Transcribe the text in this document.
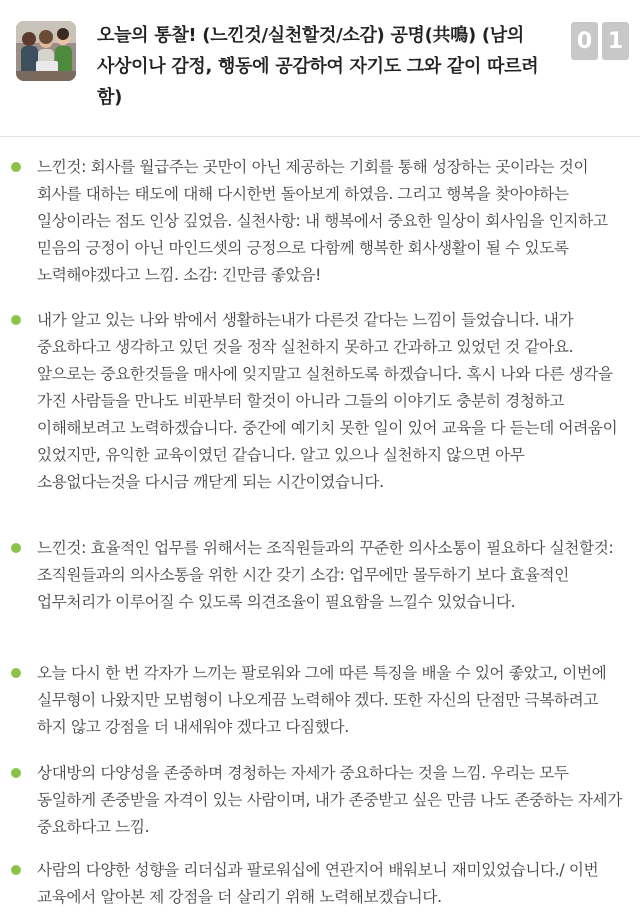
오늘의 통찰! (느낀것/실천할것/소감) 공명(共鳴) (남의 사상이나 감정, 행동에 공감하여 자기도 그와 같이 따르려 함)
0 1
느낀것: 회사를 월급주는 곳만이 아닌 제공하는 기회를 통해 성장하는 곳이라는 것이 회사를 대하는 태도에 대해 다시한번 돌아보게 하였음. 그리고 행복을 찾아야하는 일상이라는 점도 인상 깊었음. 실천사항: 내 행복에서 중요한 일상이 회사임을 인지하고 믿음의 긍정이 아닌 마인드셋의 긍정으로 다함께 행복한 회사생활이 될 수 있도록 노력해야겠다고 느낌. 소감: 긴만큼 좋았음!
내가 알고 있는 나와 밖에서 생활하는내가 다른것 같다는 느낌이 들었습니다. 내가 중요하다고 생각하고 있던 것을 정작 실천하지 못하고 간과하고 있었던 것 같아요. 앞으로는 중요한것들을 매사에 잊지말고 실천하도록 하겠습니다. 혹시 나와 다른 생각을 가진 사람들을 만나도 비판부터 할것이 아니라 그들의 이야기도 충분히 경청하고 이해해보려고 노력하겠습니다. 중간에 예기치 못한 일이 있어 교육을 다 듣는데 어려움이 있었지만, 유익한 교육이였던 같습니다. 알고 있으나 실천하지 않으면 아무 소용없다는것을 다시금 깨닫게 되는 시간이였습니다.
느낀것: 효율적인 업무를 위해서는 조직원들과의 꾸준한 의사소통이 필요하다 실천할것: 조직원들과의 의사소통을 위한 시간 갖기 소감: 업무에만 몰두하기 보다 효율적인 업무처리가 이루어질 수 있도록 의견조율이 필요함을 느낄수 있었습니다.
오늘 다시 한 번 각자가 느끼는 팔로워와 그에 따른 특징을 배울 수 있어 좋았고, 이번에 실무형이 나왔지만 모범형이 나오게끔 노력해야 겠다. 또한 자신의 단점만 극복하려고 하지 않고 강점을 더 내세워야 겠다고 다짐했다.
상대방의 다양성을 존중하며 경청하는 자세가 중요하다는 것을 느낌. 우리는 모두 동일하게 존중받을 자격이 있는 사람이며, 내가 존중받고 싶은 만큼 나도 존중하는 자세가 중요하다고 느낌.
사람의 다양한 성향을 리더십과 팔로워십에 연관지어 배워보니 재미있었습니다./ 이번 교육에서 알아본 제 강점을 더 살리기 위해 노력해보겠습니다.
